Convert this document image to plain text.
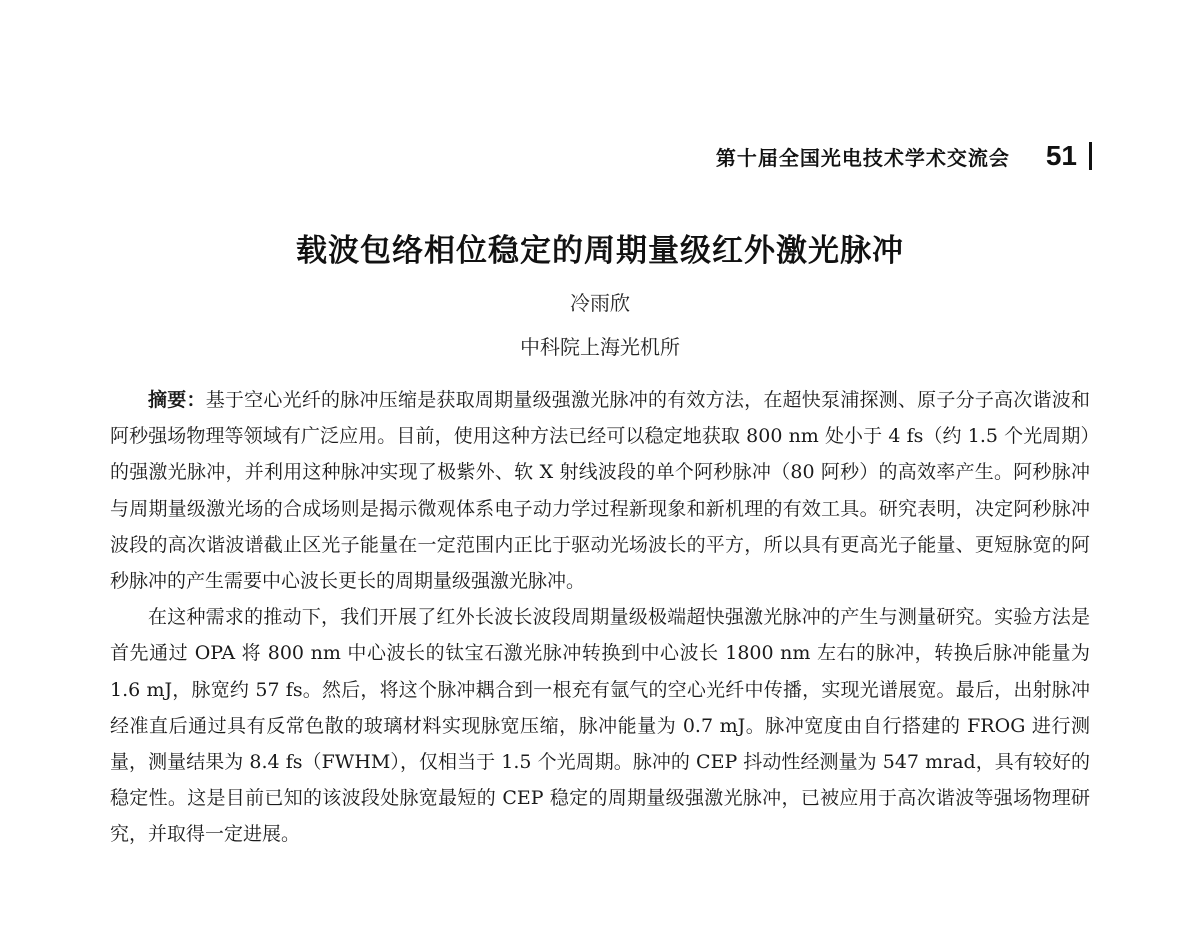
第十届全国光电技术学术交流会 51
载波包络相位稳定的周期量级红外激光脉冲
冷雨欣
中科院上海光机所

摘要：基于空心光纤的脉冲压缩是获取周期量级强激光脉冲的有效方法，在超快泵浦探测、原子分子高次谐波和阿秒强场物理等领域有广泛应用。目前，使用这种方法已经可以稳定地获取 800 nm 处小于 4 fs（约 1.5 个光周期）的强激光脉冲，并利用这种脉冲实现了极紫外、软 X 射线波段的单个阿秒脉冲（80 阿秒）的高效率产生。阿秒脉冲与周期量级激光场的合成场则是揭示微观体系电子动力学过程新现象和新机理的有效工具。研究表明，决定阿秒脉冲波段的高次谐波谱截止区光子能量在一定范围内正比于驱动光场波长的平方，所以具有更高光子能量、更短脉宽的阿秒脉冲的产生需要中心波长更长的周期量级强激光脉冲。

在这种需求的推动下，我们开展了红外长波长波段周期量级极端超快强激光脉冲的产生与测量研究。实验方法是首先通过 OPA 将 800 nm 中心波长的钛宝石激光脉冲转换到中心波长 1800 nm 左右的脉冲，转换后脉冲能量为 1.6 mJ，脉宽约 57 fs。然后，将这个脉冲耦合到一根充有氩气的空心光纤中传播，实现光谱展宽。最后，出射脉冲经准直后通过具有反常色散的玻璃材料实现脉宽压缩，脉冲能量为 0.7 mJ。脉冲宽度由自行搭建的 FROG 进行测量，测量结果为 8.4 fs（FWHM），仅相当于 1.5 个光周期。脉冲的 CEP 抖动性经测量为 547 mrad，具有较好的稳定性。这是目前已知的该波段处脉宽最短的 CEP 稳定的周期量级强激光脉冲，已被应用于高次谐波等强场物理研究，并取得一定进展。
